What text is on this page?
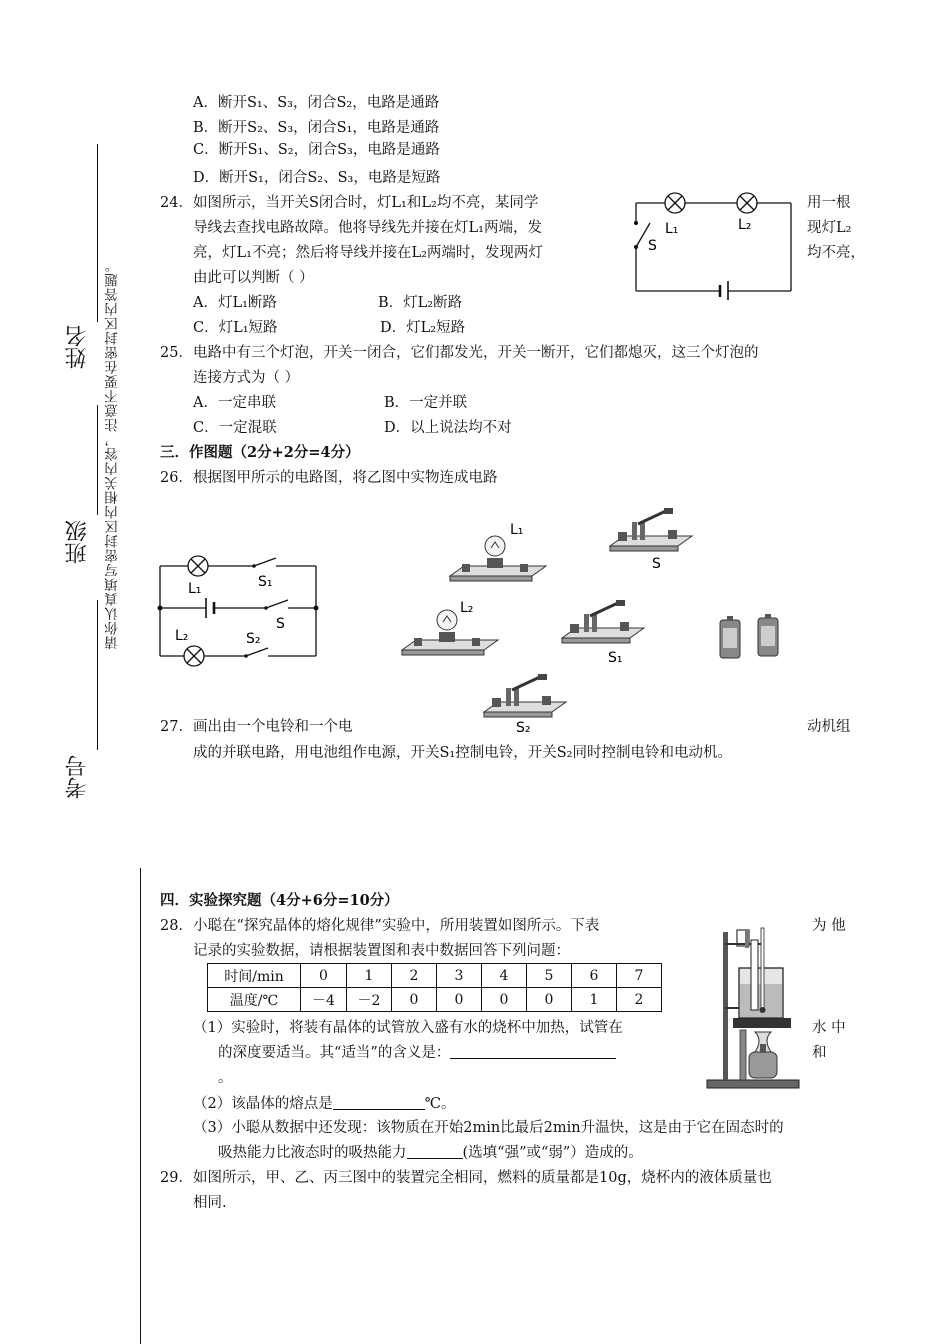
姓名
班级
考号
请你认真填写密封区内相关内容，注意不要在密封区内答题。
A．断开S₁、S₃，闭合S₂，电路是通路
B．断开S₂、S₃，闭合S₁，电路是通路
C．断开S₁、S₂，闭合S₃，电路是通路
D．断开S₁，闭合S₂、S₃，电路是短路
24． 如图所示，当开关S闭合时，灯L₁和L₂均不亮，某同学	用一根
导线去查找电路故障。他将导线先并接在灯L₁两端，发	现灯L₂
亮，灯L₁不亮；然后将导线并接在L₂两端时，发现两灯	均不亮，
由此可以判断（ ）
A．灯L₁断路	B．灯L₂断路
C．灯L₁短路	D．灯L₂短路
L₁	L₂
S
25． 电路中有三个灯泡，开关一闭合，它们都发光，开关一断开，它们都熄灭，这三个灯泡的
连接方式为（ ）
A．一定串联	B．一定并联
C．一定混联	D．以上说法均不对
三．作图题（2分+2分=4分）
26． 根据图甲所示的电路图，将乙图中实物连成电路
L₁	S₁
S
L₂	S₂
L₁
S
L₂
S₁
S₂
27． 画出由一个电铃和一个电	动机组
成的并联电路，用电池组作电源，开关S₁控制电铃，开关S₂同时控制电铃和电动机。
四．实验探究题（4分+6分=10分）
28． 小聪在“探究晶体的熔化规律”实验中，所用装置如图所示。下表	为 他
记录的实验数据，请根据装置图和表中数据回答下列问题：
时间/min	0	1	2	3	4	5	6	7
温度/℃	－4	－2	0	0	0	0	1	2
（1）实验时，将装有晶体的试管放入盛有水的烧杯中加热，试管在	水 中
的深度要适当。其“适当”的含义是：	和
。
（2）该晶体的熔点是	℃。
（3）小聪从数据中还发现：该物质在开始2min比最后2min升温快，这是由于它在固态时的
吸热能力比液态时的吸热能力	(选填“强”或“弱”）造成的。
29． 如图所示，甲、乙、丙三图中的装置完全相同，燃料的质量都是10g，烧杯内的液体质量也
相同.
